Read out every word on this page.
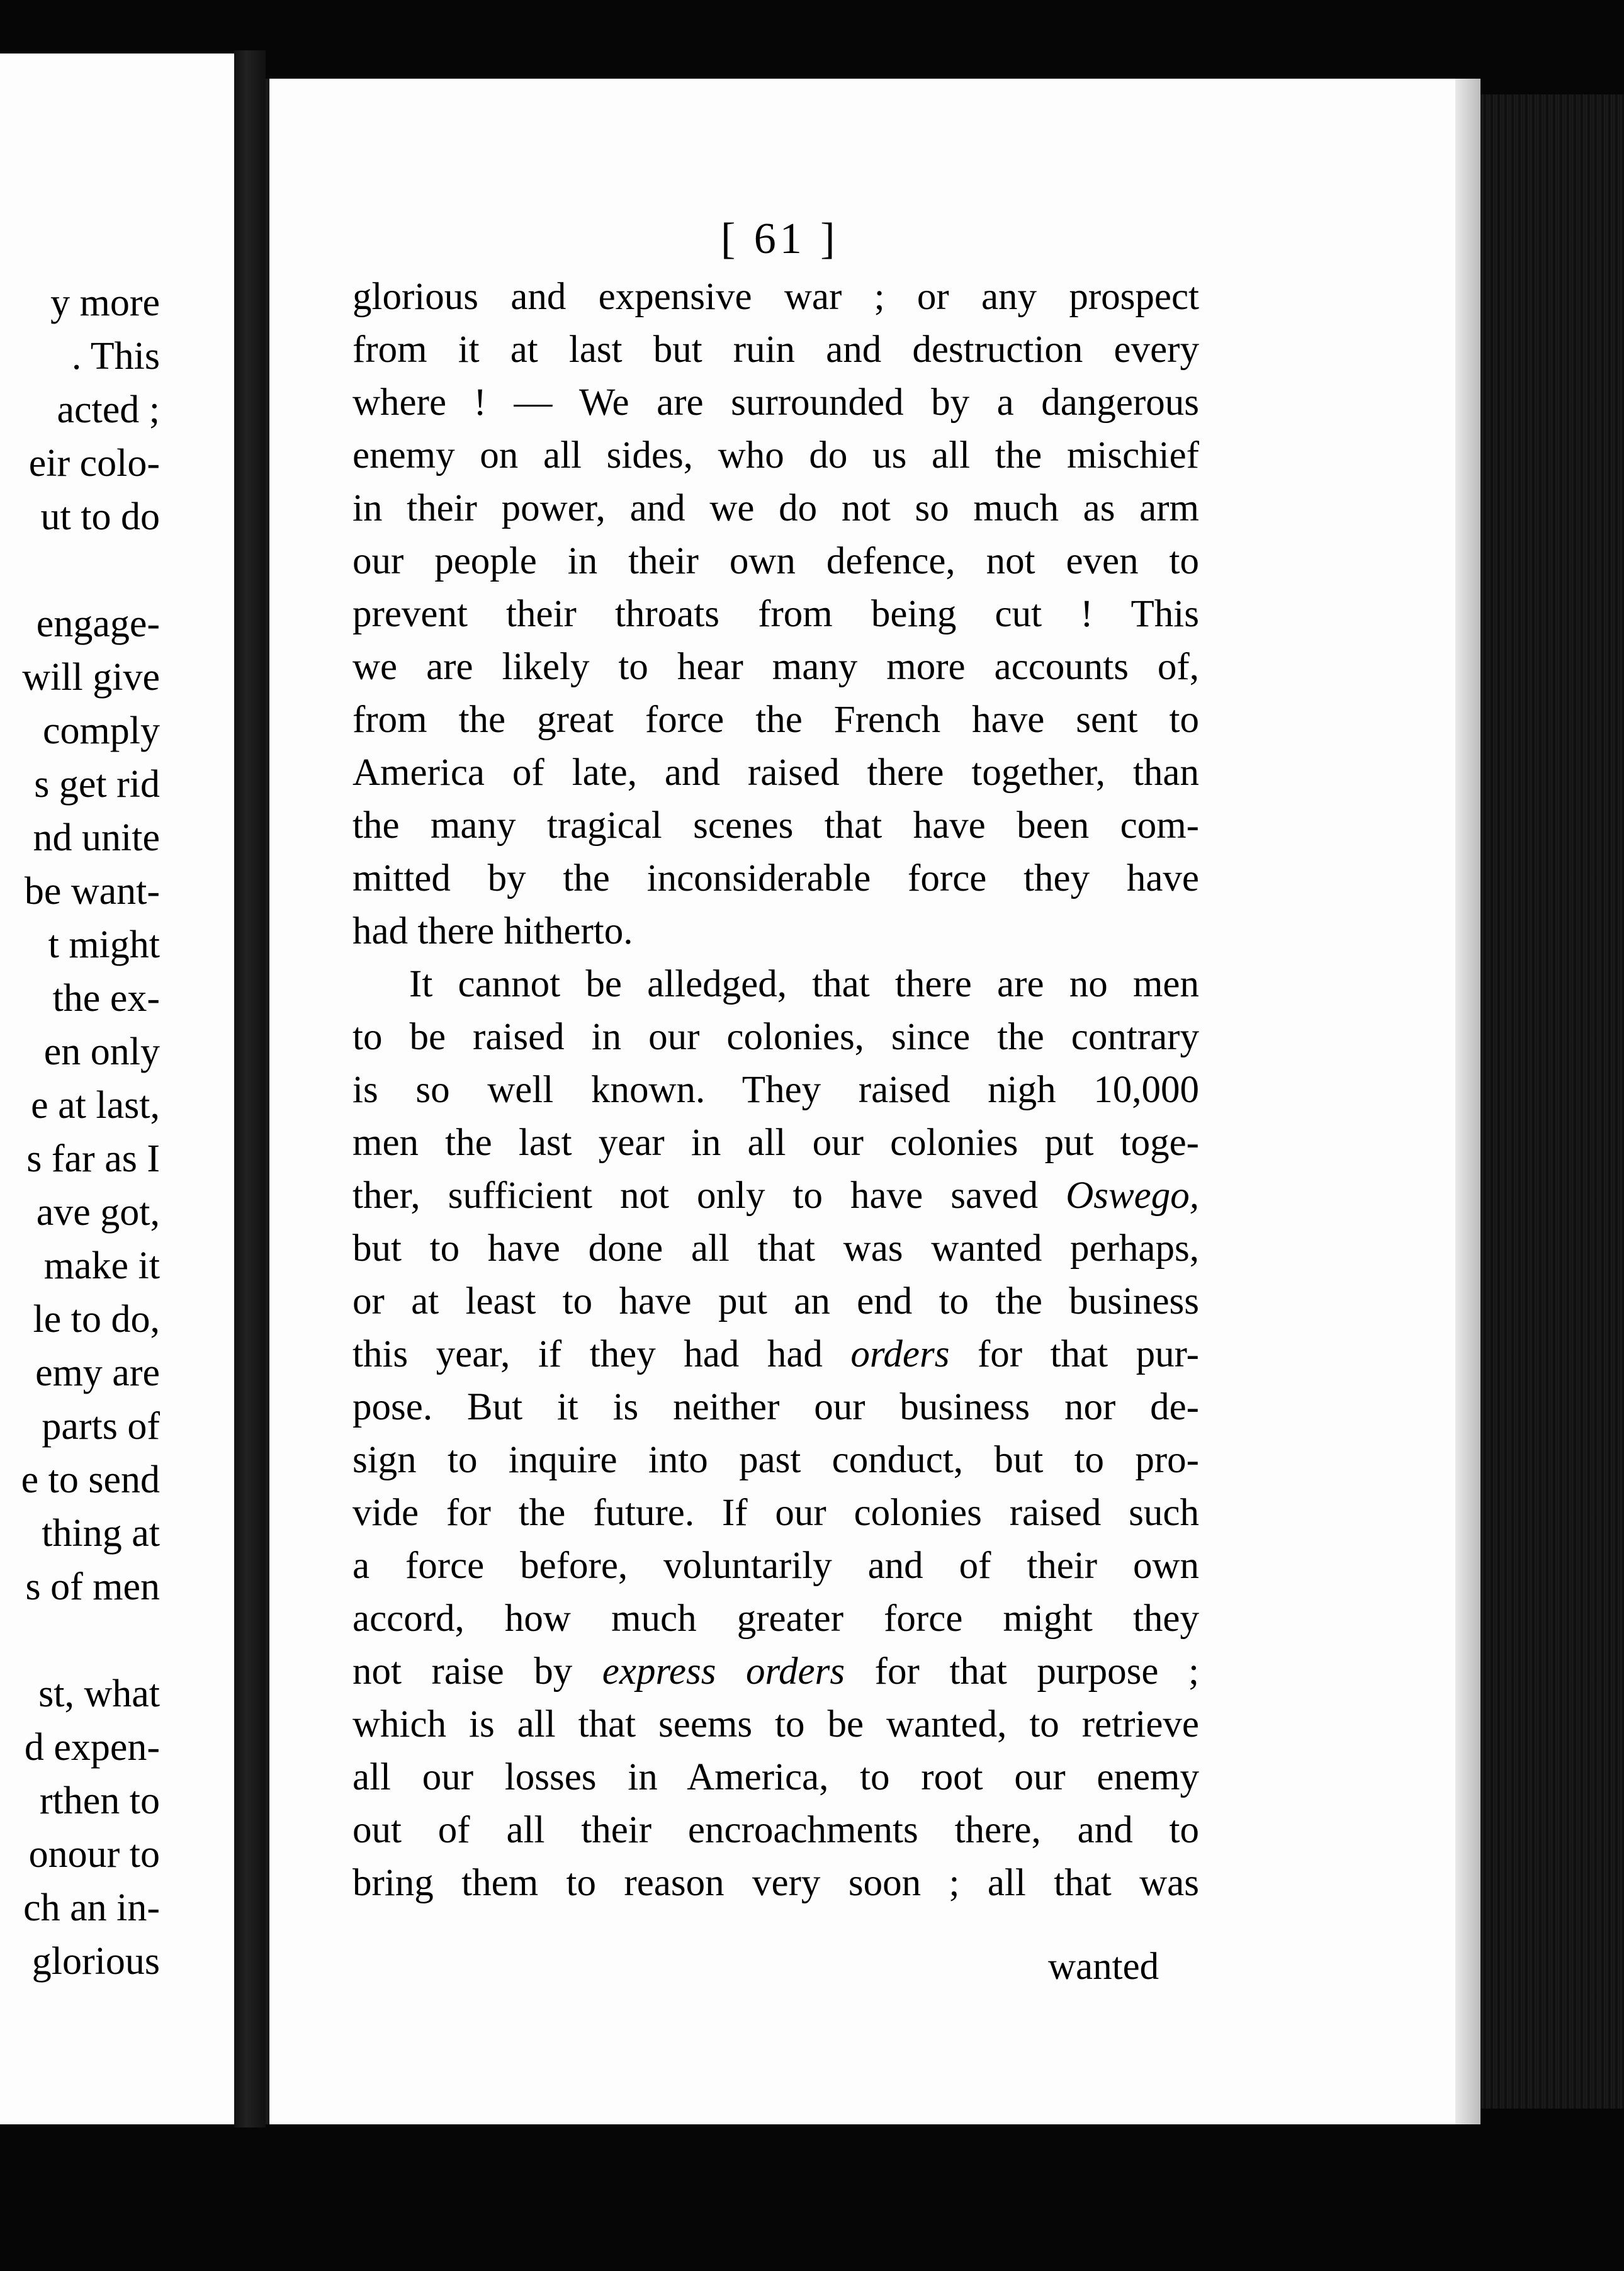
y more
. This
acted ;
eir colo-
ut to do
engage-
will give
comply
s get rid
nd unite
be want-
t might
the ex-
en only
e at last,
s far as I
ave got,
make it
le to do,
emy are
parts of
e to send
thing at
s of men
st, what
d expen-
rthen to
onour to
ch an in-
glorious
[ 61 ]
glorious and expensive war ; or any prospect
from it at last but ruin and destruction every
where ! — We are surrounded by a dangerous
enemy on all sides, who do us all the mischief
in their power, and we do not so much as arm
our people in their own defence, not even to
prevent their throats from being cut ! This
we are likely to hear many more accounts of,
from the great force the French have sent to
America of late, and raised there together, than
the many tragical scenes that have been com-
mitted by the inconsiderable force they have
had there hitherto.
It cannot be alledged, that there are no men
to be raised in our colonies, since the contrary
is so well known. They raised nigh 10,000
men the last year in all our colonies put toge-
ther, sufficient not only to have saved Oswego,
but to have done all that was wanted perhaps,
or at least to have put an end to the business
this year, if they had had orders for that pur-
pose. But it is neither our business nor de-
sign to inquire into past conduct, but to pro-
vide for the future. If our colonies raised such
a force before, voluntarily and of their own
accord, how much greater force might they
not raise by express orders for that purpose ;
which is all that seems to be wanted, to retrieve
all our losses in America, to root our enemy
out of all their encroachments there, and to
bring them to reason very soon ; all that was
wanted
